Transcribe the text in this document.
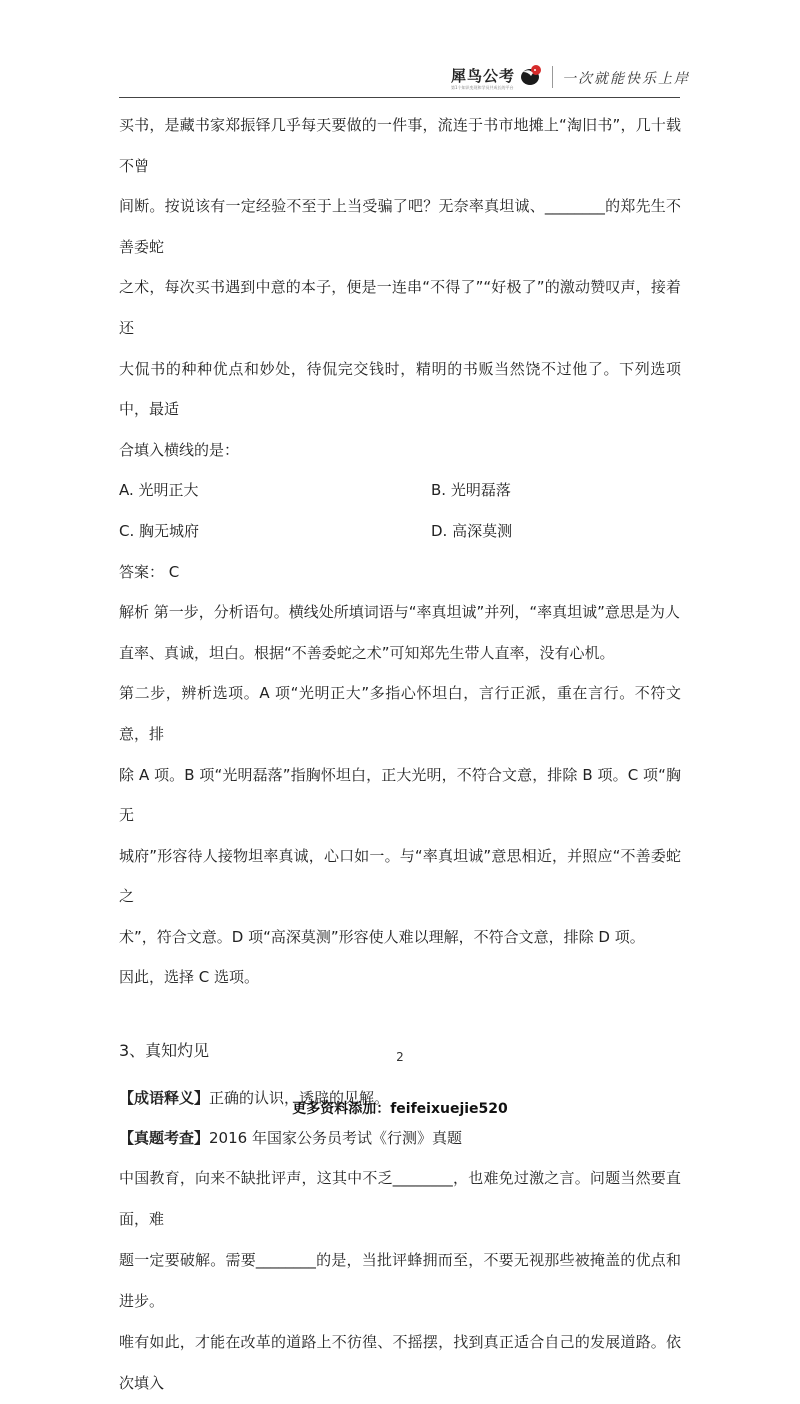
犀鸟公考
第1个知识变现和学员共成长的平台
一次就能快乐上岸

买书，是藏书家郑振铎几乎每天要做的一件事，流连于书市地摊上“淘旧书”，几十载不曾

间断。按说该有一定经验不至于上当受骗了吧？无奈率真坦诚、________的郑先生不善委蛇

之术，每次买书遇到中意的本子，便是一连串“不得了”“好极了”的激动赞叹声，接着还

大侃书的种种优点和妙处，待侃完交钱时，精明的书贩当然饶不过他了。下列选项中，最适

合填入横线的是：

A. 光明正大	B. 光明磊落
C. 胸无城府	D. 高深莫测

答案： C

解析 第一步，分析语句。横线处所填词语与“率真坦诚”并列，“率真坦诚”意思是为人

直率、真诚，坦白。根据“不善委蛇之术”可知郑先生带人直率，没有心机。

第二步，辨析选项。A 项“光明正大”多指心怀坦白，言行正派，重在言行。不符文意，排

除 A 项。B 项“光明磊落”指胸怀坦白，正大光明，不符合文意，排除 B 项。C 项“胸无

城府”形容待人接物坦率真诚，心口如一。与“率真坦诚”意思相近，并照应“不善委蛇之

术”，符合文意。D 项“高深莫测”形容使人难以理解，不符合文意，排除 D 项。

因此，选择 C 选项。

3、真知灼见

【成语释义】正确的认识，透辟的见解。

【真题考查】2016 年国家公务员考试《行测》真题

中国教育，向来不缺批评声，这其中不乏________，也难免过激之言。问题当然要直面，难

题一定要破解。需要________的是，当批评蜂拥而至，不要无视那些被掩盖的优点和进步。

唯有如此，才能在改革的道路上不彷徨、不摇摆，找到真正适合自己的发展道路。依次填入

2
更多资料添加：feifeixuejie520
